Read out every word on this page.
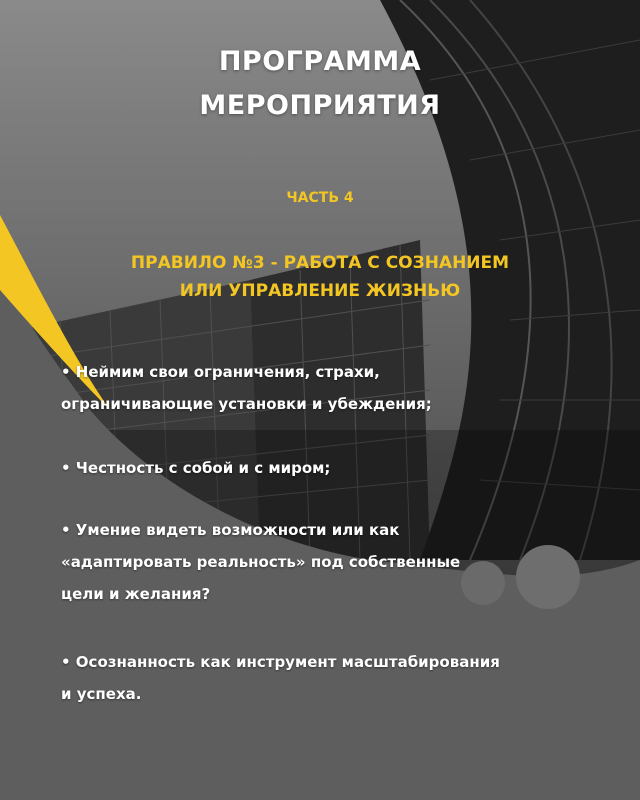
ПРОГРАММА
МЕРОПРИЯТИЯ
ЧАСТЬ 4
ПРАВИЛО №3 - РАБОТА С СОЗНАНИЕМ
ИЛИ УПРАВЛЕНИЕ ЖИЗНЬЮ
• Неймим свои ограничения, страхи,
ограничивающие установки и убеждения;
• Честность с собой и с миром;
• Умение видеть возможности или как
«адаптировать реальность» под собственные
цели и желания?
• Осознанность как инструмент масштабирования
и успеха.
